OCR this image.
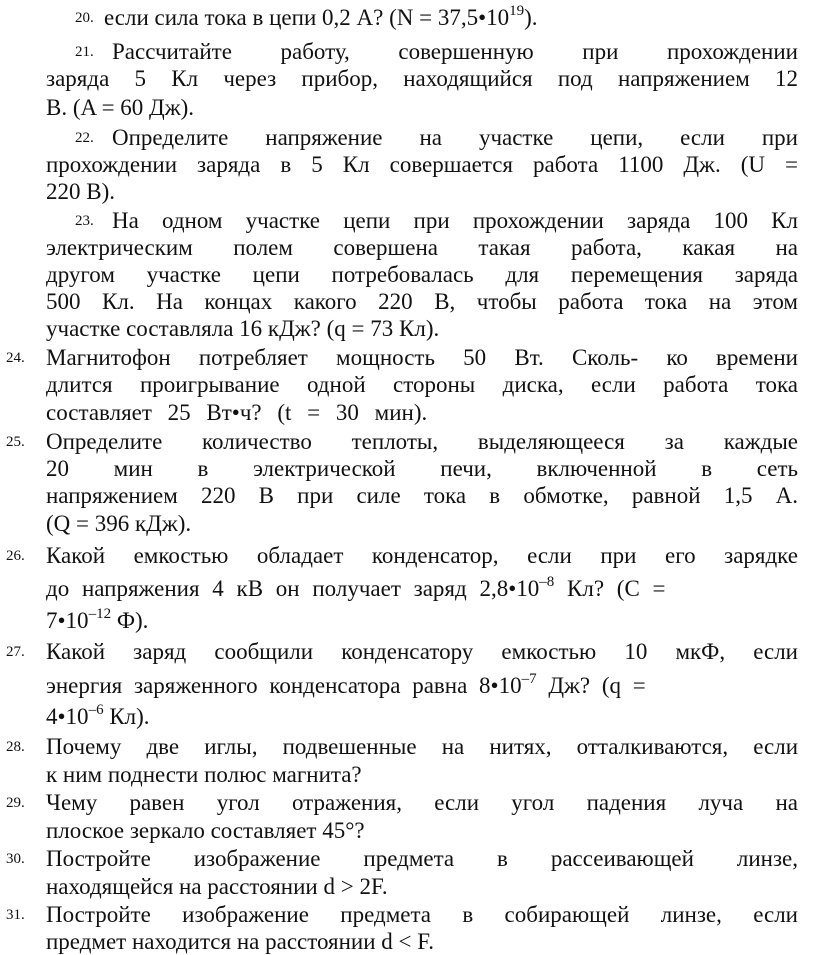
20. если сила тока в цепи 0,2 А? $(N = 37,5•10^{19})$.
21. Рассчитайте работу, совершенную при прохождении
заряда 5 Кл через прибор, находящийся под напряжением 12
В. (A = 60 Дж).
22. Определите напряжение на участке цепи, если при
прохождении заряда в 5 Кл совершается работа 1100 Дж. (U =
220 В).
23. На одном участке цепи при прохождении заряда 100 Кл
электрическим полем совершена такая работа, какая на
другом участке цепи потребовалась для перемещения заряда
500 Кл. На концах какого 220 В, чтобы работа тока на этом
участке составляла 16 кДж? (q = 73 Кл).
24. Магнитофон потребляет мощность 50 Вт. Сколь- ко времени
длится проигрывание одной стороны диска, если работа тока
составляет 25 Вт•ч? (t = 30 мин).
25. Определите количество теплоты, выделяющееся за каждые
20 мин в электрической печи, включенной в сеть
напряжением 220 В при силе тока в обмотке, равной 1,5 А.
(Q = 396 кДж).
26. Какой емкостью обладает конденсатор, если при его зарядке
до напряжения 4 кВ он получает заряд $2,8•10^{-8}$ Кл? (C =
$7•10^{-12}$ Ф).
27. Какой заряд сообщили конденсатору емкостью 10 мкФ, если
энергия заряженного конденсатора равна $8•10^{-7}$ Дж? (q =
$4•10^{-6}$ Кл).
28. Почему две иглы, подвешенные на нитях, отталкиваются, если
к ним поднести полюс магнита?
29. Чему равен угол отражения, если угол падения луча на
плоское зеркало составляет 45°?
30. Постройте изображение предмета в рассеивающей линзе,
находящейся на расстоянии d > 2F.
31. Постройте изображение предмета в собирающей линзе, если
предмет находится на расстоянии d < F.
